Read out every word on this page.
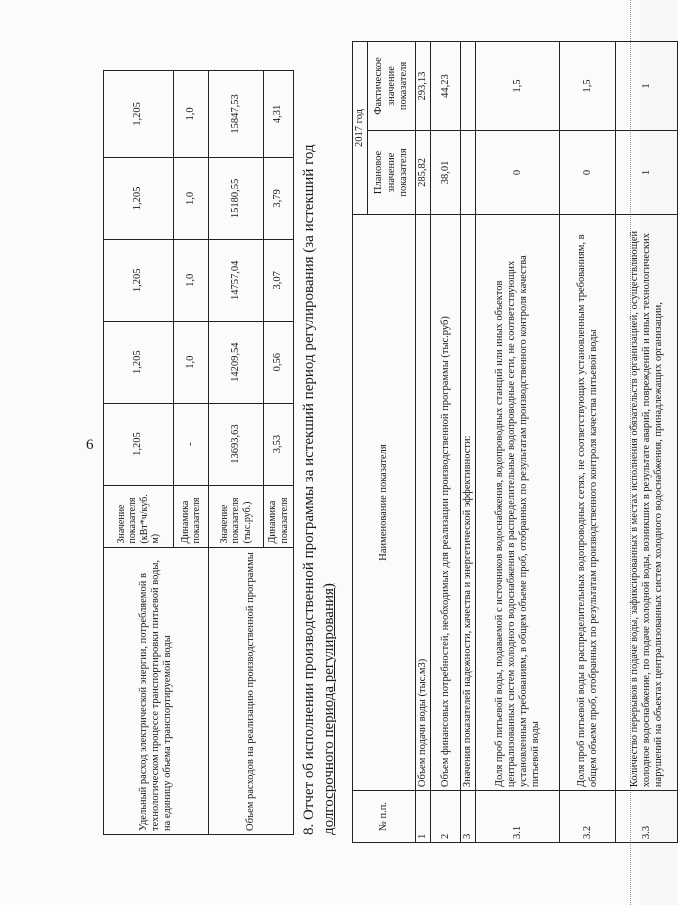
6
Удельный расход электрической энергии, потребляемой в технологическом процессе транспортировки питьевой воды, на единицу объема транспортируемой воды	Значение показателя (кВт*ч/куб. м)	1,205	1,205	1,205	1,205	1,205
	Динамика показателя	-	1,0	1,0	1,0	1,0
Объем расходов на реализацию производственной программы	Значение показателя (тыс.руб.)	13693,63	14209,54	14757,04	15180,55	15847,53
	Динамика показателя	3,53	0,56	3,07	3,79	4,31
8. Отчет об исполнении производственной программы за истекший период регулирования (за истекший год долгосрочного периода регулирования)	№ п.п.	Наименование показателя	2017 год	
		Плановое значение показателя	Фактическое значение показателя
1	Объем подачи воды (тыс.м3)	285,82	293,13
2	Объем финансовых потребностей, необходимых для реализации производственной программы (тыс.руб)	38,01	44,23
3	Значения показателей надежности, качества и энергетической эффективности:		
3.1	Доля проб питьевой воды, подаваемой с источников водоснабжения, водопроводных станций или иных объектов централизованных систем холодного водоснабжения в распределительные водопроводные сети, не соответствующих установленным требованиям, в общем объеме проб, отобранных по результатам производственного контроля качества питьевой воды	0	1,5
3.2	Доля проб питьевой воды в распределительных водопроводных сетях, не соответствующих установленным требованиям, в общем объеме проб, отобранных по результатам производственного контроля качества питьевой воды	0	1,5
3.3	Количество перерывов в подаче воды, зафиксированных в местах исполнения обязательств организацией, осуществляющей холодное водоснабжение, по подаче холодной воды, возникших в результате аварий, повреждений и иных технологических нарушений на объектах централизованных систем холодного водоснабжения, принадлежащих организации,	1	1
